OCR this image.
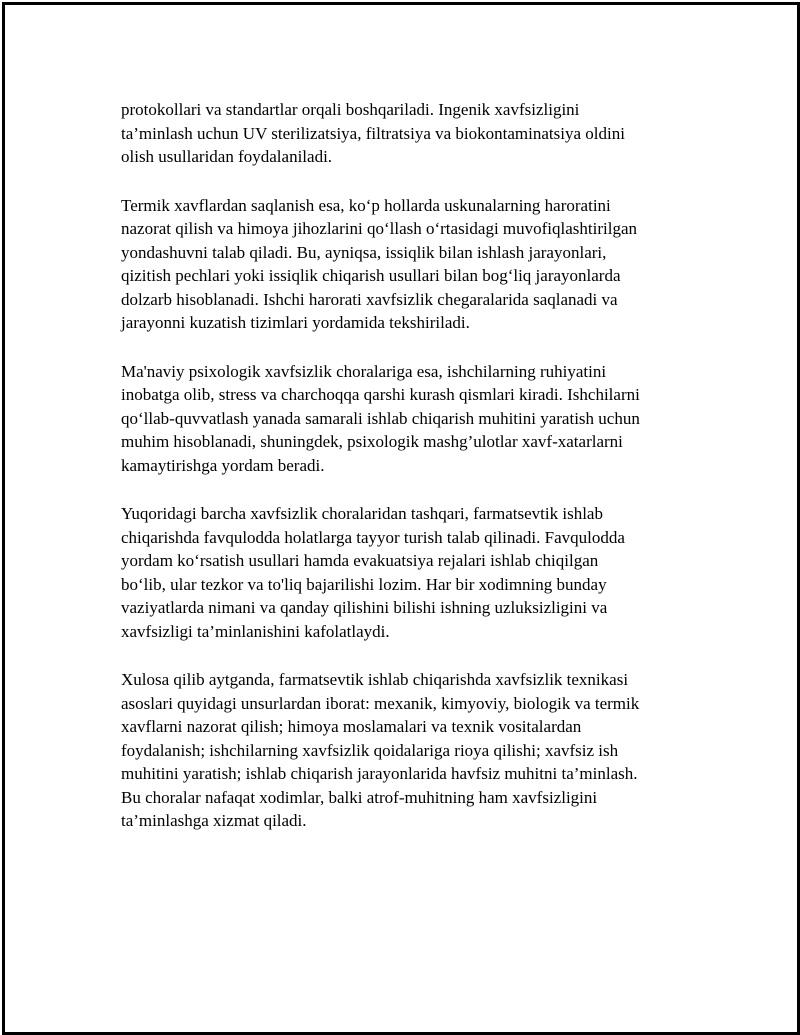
protokollari va standartlar orqali boshqariladi. Ingenik xavfsizligini
ta’minlash uchun UV sterilizatsiya, filtratsiya va biokontaminatsiya oldini
olish usullaridan foydalaniladi.

Termik xavflardan saqlanish esa, ko‘p hollarda uskunalarning haroratini
nazorat qilish va himoya jihozlarini qo‘llash o‘rtasidagi muvofiqlashtirilgan
yondashuvni talab qiladi. Bu, ayniqsa, issiqlik bilan ishlash jarayonlari,
qizitish pechlari yoki issiqlik chiqarish usullari bilan bog‘liq jarayonlarda
dolzarb hisoblanadi. Ishchi harorati xavfsizlik chegaralarida saqlanadi va
jarayonni kuzatish tizimlari yordamida tekshiriladi.

Ma'naviy psixologik xavfsizlik choralariga esa, ishchilarning ruhiyatini
inobatga olib, stress va charchoqqa qarshi kurash qismlari kiradi. Ishchilarni
qo‘llab-quvvatlash yanada samarali ishlab chiqarish muhitini yaratish uchun
muhim hisoblanadi, shuningdek, psixologik mashg’ulotlar xavf-xatarlarni
kamaytirishga yordam beradi.

Yuqoridagi barcha xavfsizlik choralaridan tashqari, farmatsevtik ishlab
chiqarishda favqulodda holatlarga tayyor turish talab qilinadi. Favqulodda
yordam ko‘rsatish usullari hamda evakuatsiya rejalari ishlab chiqilgan
bo‘lib, ular tezkor va to'liq bajarilishi lozim. Har bir xodimning bunday
vaziyatlarda nimani va qanday qilishini bilishi ishning uzluksizligini va
xavfsizligi ta’minlanishini kafolatlaydi.

Xulosa qilib aytganda, farmatsevtik ishlab chiqarishda xavfsizlik texnikasi
asoslari quyidagi unsurlardan iborat: mexanik, kimyoviy, biologik va termik
xavflarni nazorat qilish; himoya moslamalari va texnik vositalardan
foydalanish; ishchilarning xavfsizlik qoidalariga rioya qilishi; xavfsiz ish
muhitini yaratish; ishlab chiqarish jarayonlarida havfsiz muhitni ta’minlash.
Bu choralar nafaqat xodimlar, balki atrof-muhitning ham xavfsizligini
ta’minlashga xizmat qiladi.
